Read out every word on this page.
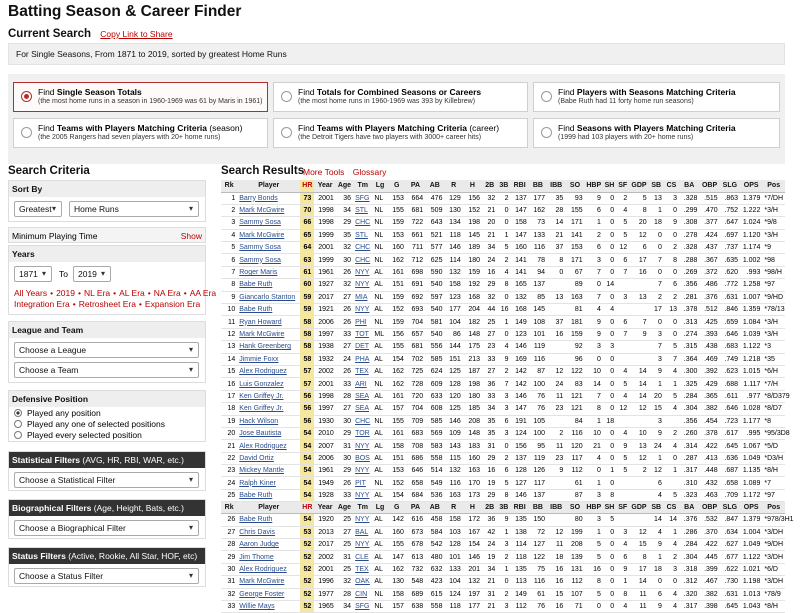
Batting Season & Career Finder
Current Search Copy Link to Share
For Single Seasons, From 1871 to 2019, sorted by greatest Home Runs
Find Single Season Totals
(the most home runs in a season in 1960-1969 was 61 by Maris in 1961)
Find Totals for Combined Seasons or Careers
(the most home runs in 1960-1969 was 393 by Killebrew)
Find Players with Seasons Matching Criteria
(Babe Ruth had 11 forty home run seasons)
Find Teams with Players Matching Criteria (season)
(the 2005 Rangers had seven players with 20+ home runs)
Find Teams with Players Matching Criteria (career)
(the Detroit Tigers have two players with 3000+ career hits)
Find Seasons with Players Matching Criteria
(1999 had 103 players with 20+ home runs)
Search Criteria	Search Results
More Tools Glossary
Sort By
Greatest ▾	Home Runs	▾
Minimum Playing Time	Show
Years
1871 ▾ To	2019 ▾
All Years • 2019 • NL Era • AL Era • NA Era • AA Era
Integration Era • Retrosheet Era • Expansion Era
League and Team
Choose a League	▾
Choose a Team	▾
Defensive Position
Played any position
Played any one of selected positions
Played every selected position
Statistical Filters (AVG, HR, RBI, WAR, etc.)
Choose a Statistical Filter	▾
Biographical Filters (Age, Height, Bats, etc.)
Choose a Biographical Filter	▾
Status Filters (Active, Rookie, All Star, HOF, etc)
Choose a Status Filter	▾
Rk	Player	HR	Year	Age	Tm	Lg	G	PA	AB	R	H	2B	3B	RBI	BB	IBB	SO	HBP	SH	SF	GDP	SB	CS	BA	OBP	SLG	OPS	Pos
1	Barry Bonds	73	2001	36	SFG	NL	153	664	476	129	156	32	2	137	177	35	93	9	0	2	5	13	3	.328	.515	.863	1.379	*7/DH
2	Mark McGwire	70	1998	34	STL	NL	155	681	509	130	152	21	0	147	162	28	155	6	0	4	8	1	0	.299	.470	.752	1.222	*3/H
3	Sammy Sosa	66	1998	29	CHC	NL	159	722	643	134	198	20	0	158	73	14	171	1	0	5	20	18	9	.308	.377	.647	1.024	*9/8
4	Mark McGwire	65	1999	35	STL	NL	153	661	521	118	145	21	1	147	133	21	141	2	0	5	12	0	0	.278	.424	.697	1.120	*3/H
5	Sammy Sosa	64	2001	32	CHC	NL	160	711	577	146	189	34	5	160	116	37	153	6	0	12	6	0	2	.328	.437	.737	1.174	*9
6	Sammy Sosa	63	1999	30	CHC	NL	162	712	625	114	180	24	2	141	78	8	171	3	0	6	17	7	8	.288	.367	.635	1.002	*98
7	Roger Maris	61	1961	26	NYY	AL	161	698	590	132	159	16	4	141	94	0	67	7	0	7	16	0	0	.269	.372	.620	.993	*98/H
8	Babe Ruth	60	1927	32	NYY	AL	151	691	540	158	192	29	8	165	137		89	0	14			7	6	.356	.486	.772	1.258	*97
9	Giancarlo Stanton	59	2017	27	MIA	NL	159	692	597	123	168	32	0	132	85	13	163	7	0	3	13	2	2	.281	.376	.631	1.007	*9/HD
10	Babe Ruth	59	1921	26	NYY	AL	152	693	540	177	204	44	16	168	145		81	4	4			17	13	.378	.512	.846	1.359	*78/13
11	Ryan Howard	58	2006	26	PHI	NL	159	704	581	104	182	25	1	149	108	37	181	9	0	6	7	0	0	.313	.425	.659	1.084	*3/H
12	Mark McGwire	58	1997	33	TOT	ML	156	657	540	86	148	27	0	123	101	16	159	9	0	7	9	3	0	.274	.393	.646	1.039	*3/H
13	Hank Greenberg	58	1938	27	DET	AL	155	681	556	144	175	23	4	146	119		92	3	3			7	5	.315	.438	.683	1.122	*3
14	Jimmie Foxx	58	1932	24	PHA	AL	154	702	585	151	213	33	9	169	116		96	0	0			3	7	.364	.469	.749	1.218	*35
15	Alex Rodriguez	57	2002	26	TEX	AL	162	725	624	125	187	27	2	142	87	12	122	10	0	4	14	9	4	.300	.392	.623	1.015	*6/H
16	Luis Gonzalez	57	2001	33	ARI	NL	162	728	609	128	198	36	7	142	100	24	83	14	0	5	14	1	1	.325	.429	.688	1.117	*7/H
17	Ken Griffey Jr.	56	1998	28	SEA	AL	161	720	633	120	180	33	3	146	76	11	121	7	0	4	14	20	5	.284	.365	.611	.977	*8/D379
18	Ken Griffey Jr.	56	1997	27	SEA	AL	157	704	608	125	185	34	3	147	76	23	121	8	0	12	12	15	4	.304	.382	.646	1.028	*8/D7
19	Hack Wilson	56	1930	30	CHC	NL	155	709	585	146	208	35	6	191	105		84	1	18			3		.356	.454	.723	1.177	*8
20	Jose Bautista	54	2010	29	TOR	AL	161	683	569	109	148	35	3	124	100	2	116	10	0	4	10	9	2	.260	.378	.617	.995	*95/3D8
21	Alex Rodriguez	54	2007	31	NYY	AL	158	708	583	143	183	31	0	156	95	11	120	21	0	9	13	24	4	.314	.422	.645	1.067	*5/D
22	David Ortiz	54	2006	30	BOS	AL	151	686	558	115	160	29	2	137	119	23	117	4	0	5	12	1	0	.287	.413	.636	1.049	*D3/H
23	Mickey Mantle	54	1961	29	NYY	AL	153	646	514	132	163	16	6	128	126	9	112	0	1	5	2	12	1	.317	.448	.687	1.135	*8/H
24	Ralph Kiner	54	1949	26	PIT	NL	152	658	549	116	170	19	5	127	117		61	1	0			6		.310	.432	.658	1.089	*7
25	Babe Ruth	54	1928	33	NYY	AL	154	684	536	163	173	29	8	146	137		87	3	8			4	5	.323	.463	.709	1.172	*97
Rk	Player	HR	Year	Age	Tm	Lg	G	PA	AB	R	H	2B	3B	RBI	BB	IBB	SO	HBP	SH	SF	GDP	SB	CS	BA	OBP	SLG	OPS	Pos
26	Babe Ruth	54	1920	25	NYY	AL	142	616	458	158	172	36	9	135	150		80	3	5			14	14	.376	.532	.847	1.379	*978/3H1
27	Chris Davis	53	2013	27	BAL	AL	160	673	584	103	167	42	1	138	72	12	199	1	0	3	12	4	1	.286	.370	.634	1.004	*3/DH
28	Aaron Judge	52	2017	25	NYY	AL	155	678	542	128	154	24	3	114	127	11	208	5	0	4	15	9	4	.284	.422	.627	1.049	*9/DH
29	Jim Thome	52	2002	31	CLE	AL	147	613	480	101	146	19	2	118	122	18	139	5	0	6	8	1	2	.304	.445	.677	1.122	*3/DH
30	Alex Rodriguez	52	2001	25	TEX	AL	162	732	632	133	201	34	1	135	75	16	131	16	0	9	17	18	3	.318	.399	.622	1.021	*6/D
31	Mark McGwire	52	1996	32	OAK	AL	130	548	423	104	132	21	0	113	116	16	112	8	0	1	14	0	0	.312	.467	.730	1.198	*3/DH
32	George Foster	52	1977	28	CIN	NL	158	689	615	124	197	31	2	149	61	15	107	5	0	8	11	6	4	.320	.382	.631	1.013	*78/9
33	Willie Mays	52	1965	34	SFG	NL	157	638	558	118	177	21	3	112	76	16	71	0	0	4	11	9	4	.317	.398	.645	1.043	*8/H
